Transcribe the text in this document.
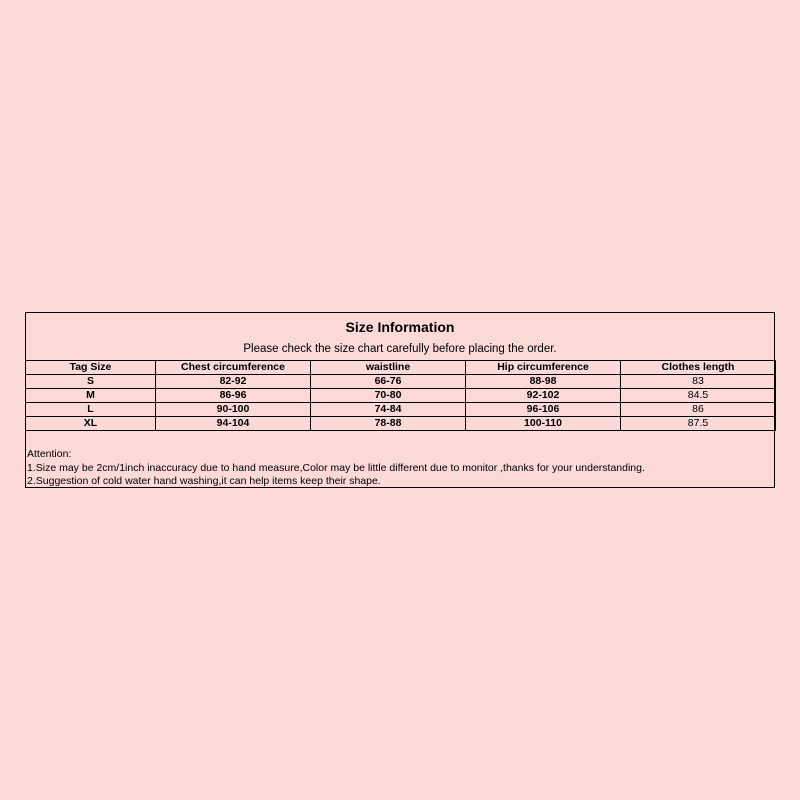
Size Information
Please check the size chart carefully before placing the order.
Tag Size	Chest circumference	waistline	Hip circumference	Clothes length
S	82-92	66-76	88-98	83
M	86-96	70-80	92-102	84.5
L	90-100	74-84	96-106	86
XL	94-104	78-88	100-110	87.5
Attention:
1.Size may be 2cm/1inch inaccuracy due to hand measure,Color may be little different due to monitor ,thanks for your understanding.
2.Suggestion of cold water hand washing,it can help items keep their shape.
